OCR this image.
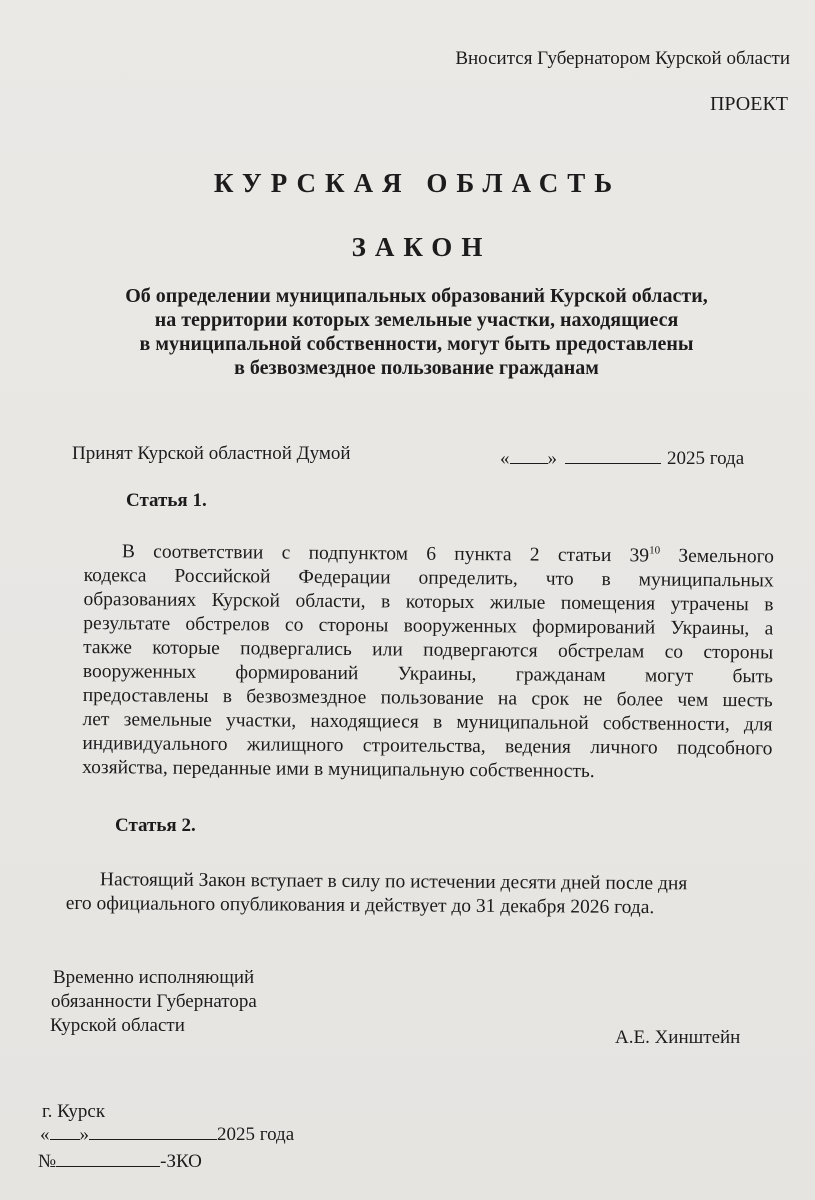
Вносится Губернатором Курской области
ПРОЕКТ
КУРСКАЯ ОБЛАСТЬ
ЗАКОН
Об определении муниципальных образований Курской области,
на территории которых земельные участки, находящиеся
в муниципальной собственности, могут быть предоставлены
в безвозмездное пользование гражданам
Принят Курской областной Думой	« »	2025 года
Статья 1.
В соответствии с подпунктом 6 пункта 2 статьи $39^{10}$ Земельного
кодекса Российской Федерации определить, что в муниципальных
образованиях Курской области, в которых жилые помещения утрачены в
результате обстрелов со стороны вооруженных формирований Украины, а
также которые подвергались или подвергаются обстрелам со стороны
вооруженных формирований Украины, гражданам могут быть
предоставлены в безвозмездное пользование на срок не более чем шесть
лет земельные участки, находящиеся в муниципальной собственности, для
индивидуального жилищного строительства, ведения личного подсобного
хозяйства, переданные ими в муниципальную собственность.
Статья 2.
Настоящий Закон вступает в силу по истечении десяти дней после дня
его официального опубликования и действует до 31 декабря 2026 года.
Временно исполняющий
обязанности Губернатора
Курской области
А.Е. Хинштейн
г. Курск
« »	2025 года
№	-ЗКО
